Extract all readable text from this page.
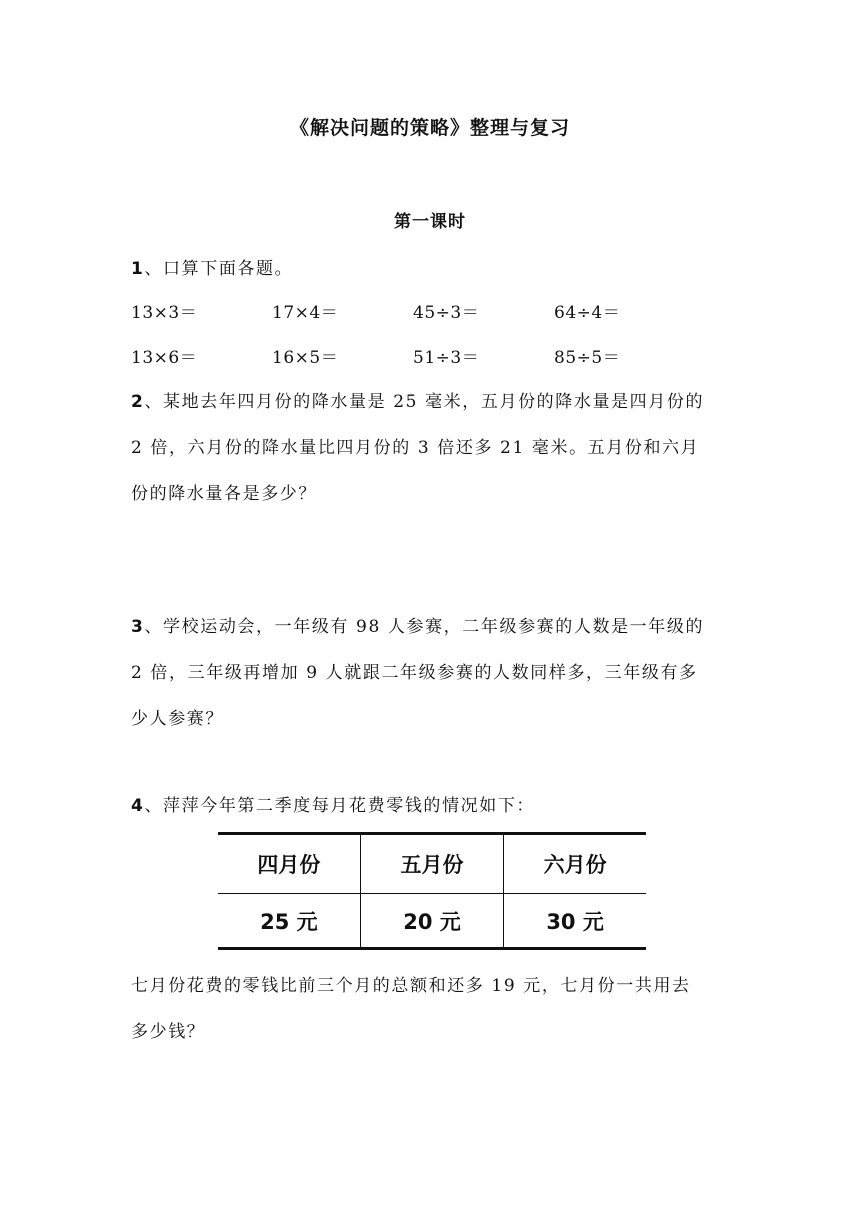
《解决问题的策略》整理与复习
第一课时
1、口算下面各题。
13×3＝	17×4＝	45÷3＝	64÷4＝
13×6＝	16×5＝	51÷3＝	85÷5＝
2、某地去年四月份的降水量是 25 毫米，五月份的降水量是四月份的
2 倍，六月份的降水量比四月份的 3 倍还多 21 毫米。五月份和六月
份的降水量各是多少？
3、学校运动会，一年级有 98 人参赛，二年级参赛的人数是一年级的
2 倍，三年级再增加 9 人就跟二年级参赛的人数同样多，三年级有多
少人参赛？
4、萍萍今年第二季度每月花费零钱的情况如下：
四月份	五月份	六月份
25 元	20 元	30 元
七月份花费的零钱比前三个月的总额和还多 19 元，七月份一共用去
多少钱？
